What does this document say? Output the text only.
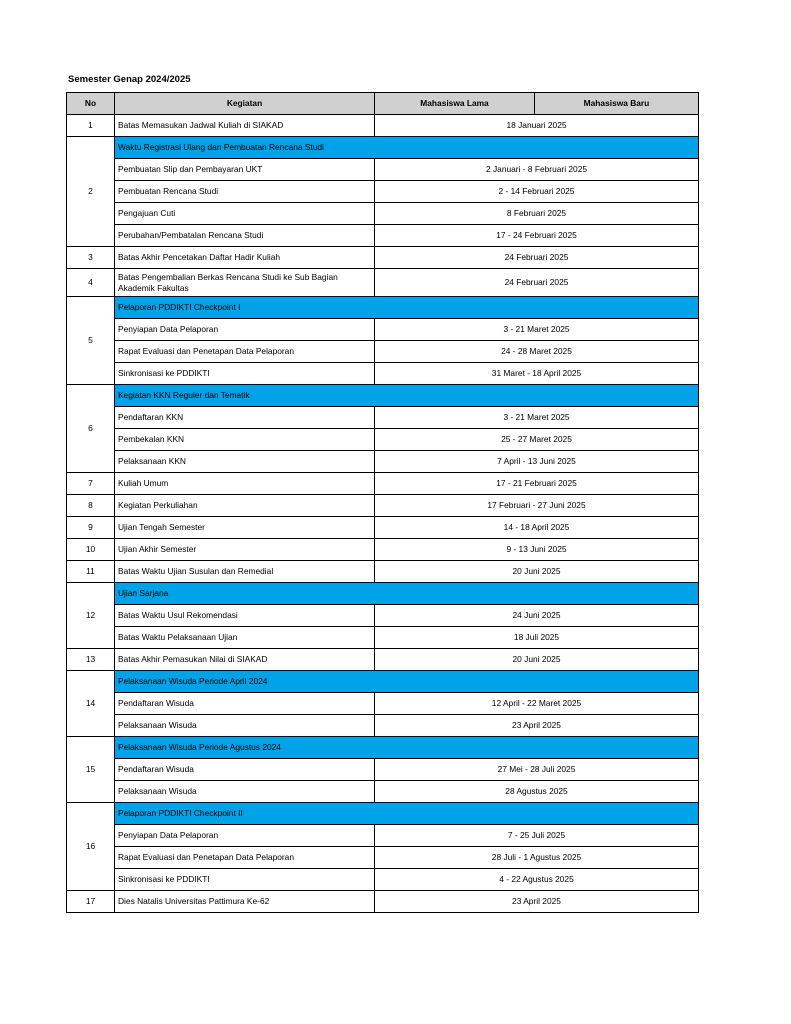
Semester Genap 2024/2025
No	Kegiatan	Mahasiswa Lama	Mahasiswa Baru
1	Batas Memasukan Jadwal Kuliah di SIAKAD	18 Januari 2025	
2	Waktu Registrasi Ulang dan Pembuatan Rencana Studi		
	Pembuatan Slip dan Pembayaran UKT	2 Januari - 8 Februari 2025	
	Pembuatan Rencana Studi	2 - 14 Februari 2025	
	Pengajuan Cuti	8 Februari 2025	
	Perubahan/Pembatalan Rencana Studi	17 - 24 Februari 2025	
3	Batas Akhir Pencetakan Daftar Hadir Kuliah	24 Februari 2025	
4	Batas Pengembalian Berkas Rencana Studi ke Sub Bagian Akademik Fakultas	24 Februari 2025	
5	Pelaporan PDDIKTI Checkpoint I		
	Penyiapan Data Pelaporan	3 - 21 Maret 2025	
	Rapat Evaluasi dan Penetapan Data Pelaporan	24 - 28 Maret 2025	
	Sinkronisasi ke PDDIKTI	31 Maret - 18 April 2025	
6	Kegiatan KKN Reguler dan Tematik		
	Pendaftaran KKN	3 - 21 Maret 2025	
	Pembekalan KKN	25 - 27 Maret 2025	
	Pelaksanaan KKN	7 April - 13 Juni 2025	
7	Kuliah Umum	17 - 21 Februari 2025	
8	Kegiatan Perkuliahan	17 Februari - 27 Juni 2025	
9	Ujian Tengah Semester	14 - 18 April 2025	
10	Ujian Akhir Semester	9 - 13 Juni 2025	
11	Batas Waktu Ujian Susulan dan Remedial	20 Juni 2025	
12	Ujian Sarjana		
	Batas Waktu Usul Rekomendasi	24 Juni 2025	
	Batas Waktu Pelaksanaan Ujian	18 Juli 2025	
13	Batas Akhir Pemasukan Nilai di SIAKAD	20 Juni 2025	
14	Pelaksanaan Wisuda Periode April 2024		
	Pendaftaran Wisuda	12 April - 22 Maret 2025	
	Pelaksanaan Wisuda	23 April 2025	
15	Pelaksanaan Wisuda Periode Agustus 2024		
	Pendaftaran Wisuda	27 Mei - 28 Juli 2025	
	Pelaksanaan Wisuda	28 Agustus 2025	
16	Pelaporan PDDIKTI Checkpoint II		
	Penyiapan Data Pelaporan	7 - 25 Juli 2025	
	Rapat Evaluasi dan Penetapan Data Pelaporan	28 Juli - 1 Agustus 2025	
	Sinkronisasi ke PDDIKTI	4 - 22 Agustus 2025	
17	Dies Natalis Universitas Pattimura Ke-62	23 April 2025	
